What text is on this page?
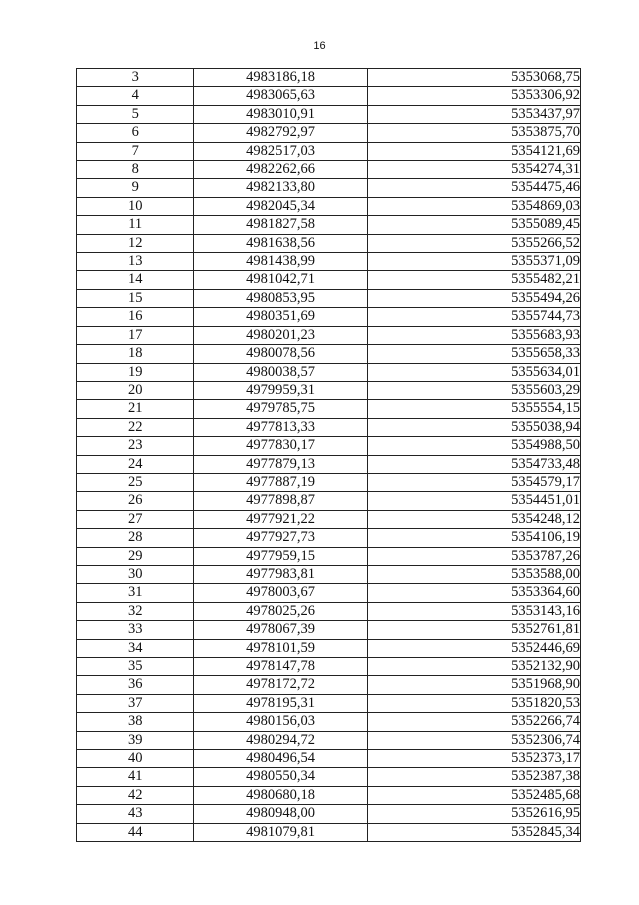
16
3	4983186,18	5353068,75
4	4983065,63	5353306,92
5	4983010,91	5353437,97
6	4982792,97	5353875,70
7	4982517,03	5354121,69
8	4982262,66	5354274,31
9	4982133,80	5354475,46
10	4982045,34	5354869,03
11	4981827,58	5355089,45
12	4981638,56	5355266,52
13	4981438,99	5355371,09
14	4981042,71	5355482,21
15	4980853,95	5355494,26
16	4980351,69	5355744,73
17	4980201,23	5355683,93
18	4980078,56	5355658,33
19	4980038,57	5355634,01
20	4979959,31	5355603,29
21	4979785,75	5355554,15
22	4977813,33	5355038,94
23	4977830,17	5354988,50
24	4977879,13	5354733,48
25	4977887,19	5354579,17
26	4977898,87	5354451,01
27	4977921,22	5354248,12
28	4977927,73	5354106,19
29	4977959,15	5353787,26
30	4977983,81	5353588,00
31	4978003,67	5353364,60
32	4978025,26	5353143,16
33	4978067,39	5352761,81
34	4978101,59	5352446,69
35	4978147,78	5352132,90
36	4978172,72	5351968,90
37	4978195,31	5351820,53
38	4980156,03	5352266,74
39	4980294,72	5352306,74
40	4980496,54	5352373,17
41	4980550,34	5352387,38
42	4980680,18	5352485,68
43	4980948,00	5352616,95
44	4981079,81	5352845,34
